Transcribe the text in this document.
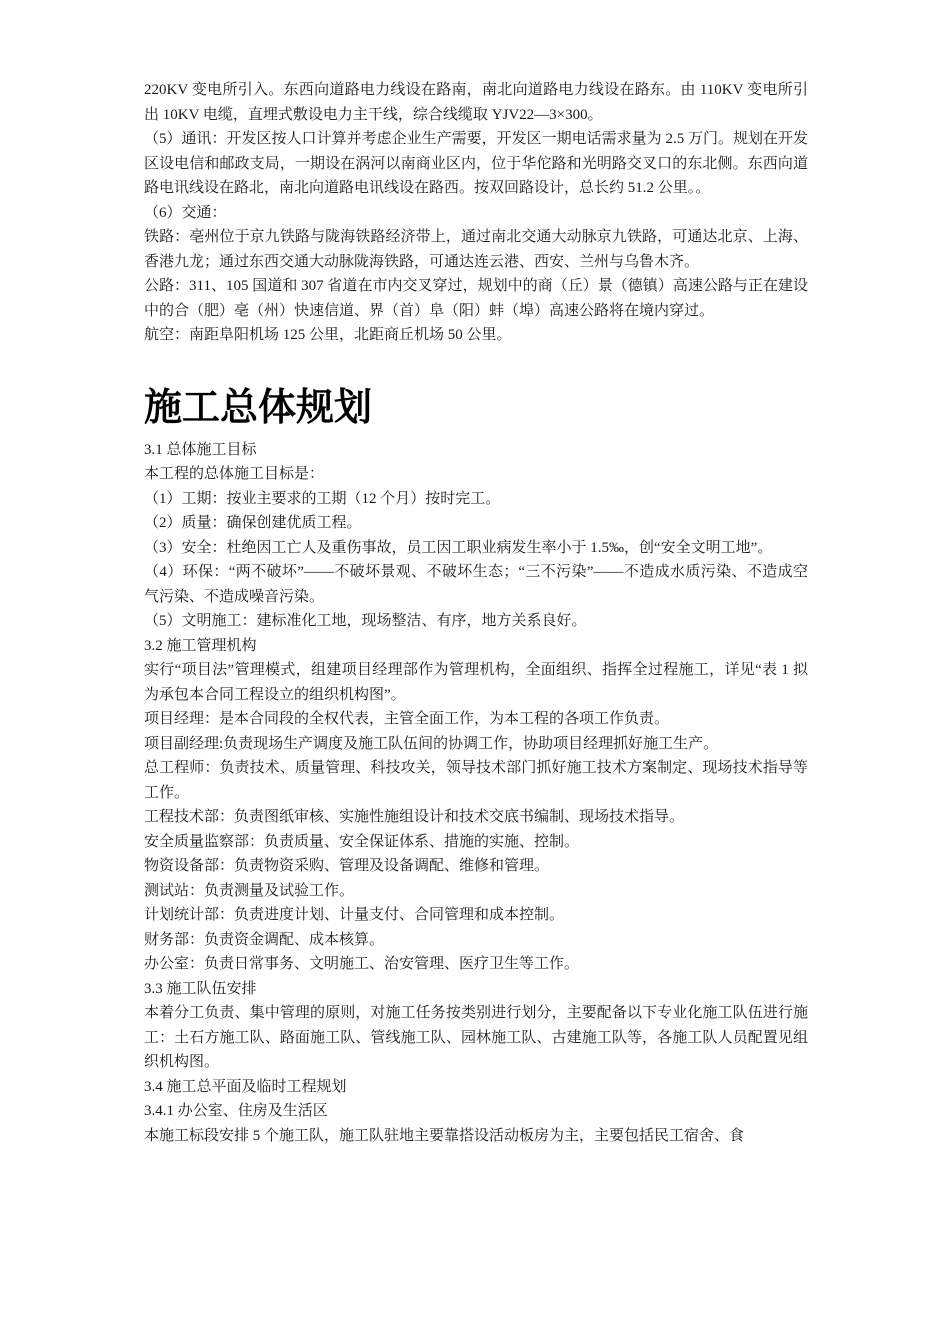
220KV 变电所引入。东西向道路电力线设在路南，南北向道路电力线设在路东。由 110KV 变电所引出 10KV 电缆，直埋式敷设电力主干线，综合线缆取 YJV22—3×300。

（5）通讯：开发区按人口计算并考虑企业生产需要，开发区一期电话需求量为 2.5 万门。规划在开发区设电信和邮政支局，一期设在涡河以南商业区内，位于华佗路和光明路交叉口的东北侧。东西向道路电讯线设在路北，南北向道路电讯线设在路西。按双回路设计，总长约 51.2 公里。。

（6）交通：

铁路：亳州位于京九铁路与陇海铁路经济带上，通过南北交通大动脉京九铁路，可通达北京、上海、香港九龙；通过东西交通大动脉陇海铁路，可通达连云港、西安、兰州与乌鲁木齐。

公路：311、105 国道和 307 省道在市内交叉穿过，规划中的商（丘）景（德镇）高速公路与正在建设中的合（肥）亳（州）快速信道、界（首）阜（阳）蚌（埠）高速公路将在境内穿过。

航空：南距阜阳机场 125 公里，北距商丘机场 50 公里。

施工总体规划

3.1 总体施工目标

本工程的总体施工目标是：

（1）工期：按业主要求的工期（12 个月）按时完工。

（2）质量：确保创建优质工程。

（3）安全：杜绝因工亡人及重伤事故，员工因工职业病发生率小于 1.5‰，创“安全文明工地”。

（4）环保：“两不破坏”——不破坏景观、不破坏生态；“三不污染”——不造成水质污染、不造成空气污染、不造成噪音污染。

（5）文明施工：建标准化工地，现场整洁、有序，地方关系良好。

3.2 施工管理机构

实行“项目法”管理模式，组建项目经理部作为管理机构，全面组织、指挥全过程施工，详见“表 1 拟为承包本合同工程设立的组织机构图”。

项目经理：是本合同段的全权代表，主管全面工作，为本工程的各项工作负责。

项目副经理:负责现场生产调度及施工队伍间的协调工作，协助项目经理抓好施工生产。

总工程师：负责技术、质量管理、科技攻关，领导技术部门抓好施工技术方案制定、现场技术指导等工作。

工程技术部：负责图纸审核、实施性施组设计和技术交底书编制、现场技术指导。

安全质量监察部：负责质量、安全保证体系、措施的实施、控制。

物资设备部：负责物资采购、管理及设备调配、维修和管理。

测试站：负责测量及试验工作。

计划统计部：负责进度计划、计量支付、合同管理和成本控制。

财务部：负责资金调配、成本核算。

办公室：负责日常事务、文明施工、治安管理、医疗卫生等工作。

3.3 施工队伍安排

本着分工负责、集中管理的原则，对施工任务按类别进行划分，主要配备以下专业化施工队伍进行施工：土石方施工队、路面施工队、管线施工队、园林施工队、古建施工队等，各施工队人员配置见组织机构图。

3.4 施工总平面及临时工程规划

3.4.1 办公室、住房及生活区

本施工标段安排 5 个施工队，施工队驻地主要靠搭设活动板房为主，主要包括民工宿舍、食
